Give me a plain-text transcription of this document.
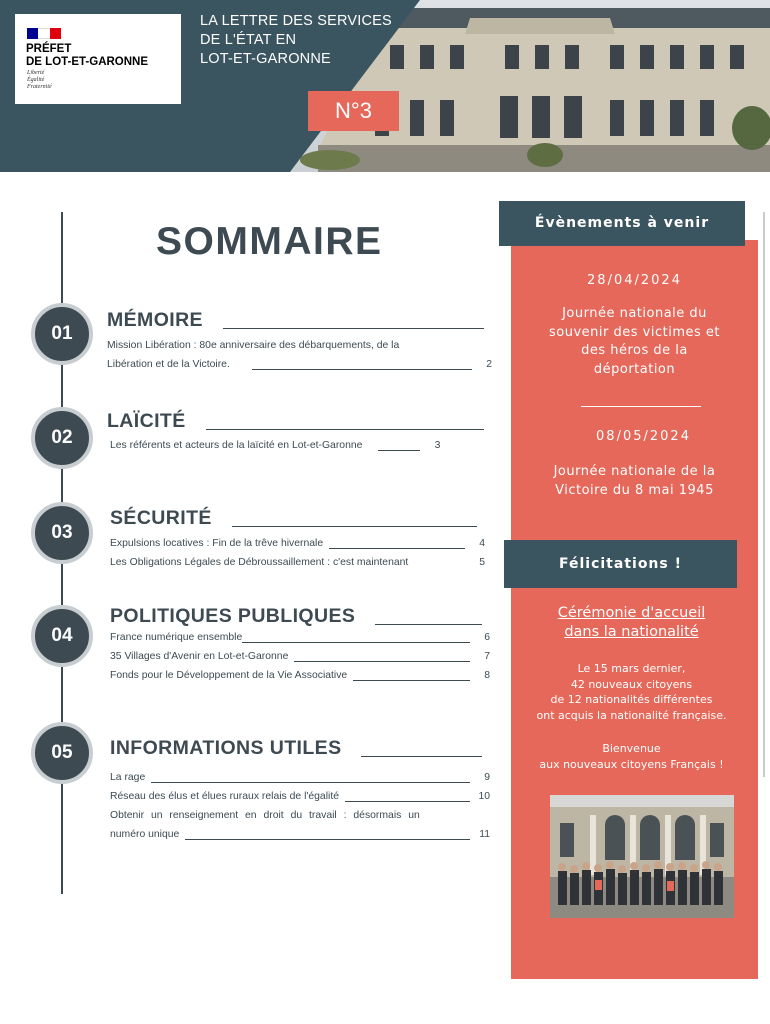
PRÉFET
DE LOT-ET-GARONNE
Liberté
Égalité
Fraternité
LA LETTRE DES SERVICES
DE L'ÉTAT EN
LOT-ET-GARONNE
N°3
SOMMAIRE
01
MÉMOIRE
Mission Libération : 80e anniversaire des débarquements, de la
Libération et de la Victoire.	2
02
LAÏCITÉ
Les référents et acteurs de la laïcité en Lot-et-Garonne	3
03
SÉCURITÉ
Expulsions locatives : Fin de la trêve hivernale	4
Les Obligations Légales de Débroussaillement : c'est maintenant	5
04
POLITIQUES PUBLIQUES
France numérique ensemble	6
35 Villages d'Avenir en Lot-et-Garonne	7
Fonds pour le Développement de la Vie Associative	8
05	INFORMATIONS UTILES
La rage	9
Réseau des élus et élues ruraux relais de l'égalité	10
Obtenir un renseignement en droit du travail : désormais un
numéro unique	11
Évènements à venir
28/04/2024
Journée nationale du
souvenir des victimes et
des héros de la
déportation
08/05/2024
Journée nationale de la
Victoire du 8 mai 1945
Félicitations !
Cérémonie d'accueil
dans la nationalité
Le 15 mars dernier,
42 nouveaux citoyens
de 12 nationalités différentes
ont acquis la nationalité française.
Bienvenue
aux nouveaux citoyens Français !
